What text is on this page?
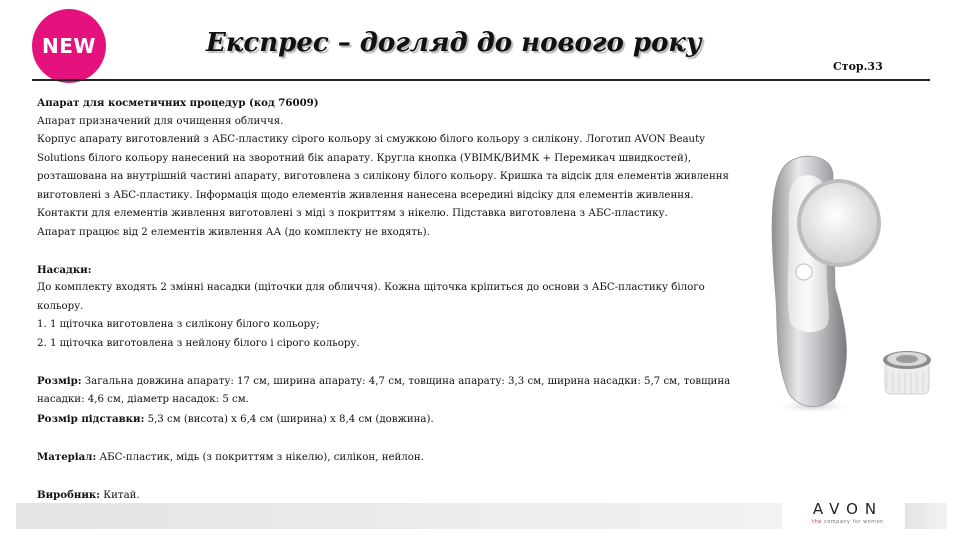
NEW	Експрес – догляд до нового року
Стор.33

Апарат для косметичних процедур (код 76009)

Апарат призначений для очищення обличчя.

Корпус апарату виготовлений з АБС-пластику сірого кольору зі смужкою білого кольору з силікону. Логотип AVON Beauty

Solutions білого кольору нанесений на зворотний бік апарату. Кругла кнопка (УВІМК/ВИМК + Перемикач швидкостей),

розташована на внутрішній частині апарату, виготовлена з силікону білого кольору. Кришка та відсік для елементів живлення

виготовлені з АБС-пластику. Інформація щодо елементів живлення нанесена всередині відсіку для елементів живлення.

Контакти для елементів живлення виготовлені з міді з покриттям з нікелю. Підставка виготовлена з АБС-пластику.

Апарат працює від 2 елементів живлення АА (до комплекту не входять).

Насадки:

До комплекту входять 2 змінні насадки (щіточки для обличчя). Кожна щіточка кріпиться до основи з АБС-пластику білого кольору.

1. 1 щіточка виготовлена з силікону білого кольору;

2. 1 щіточка виготовлена з нейлону білого і сірого кольору.

Розмір: Загальна довжина апарату: 17 см, ширина апарату: 4,7 см, товщина апарату: 3,3 см, ширина насадки: 5,7 см, товщина насадки: 4,6 см, діаметр насадок: 5 см.

Розмір підставки: 5,3 см (висота) х 6,4 см (ширина) х 8,4 см (довжина).

Матеріал: АБС-пластик, мідь (з покриттям з нікелю), силікон, нейлон.

Виробник: Китай.

AVON
the company for women
